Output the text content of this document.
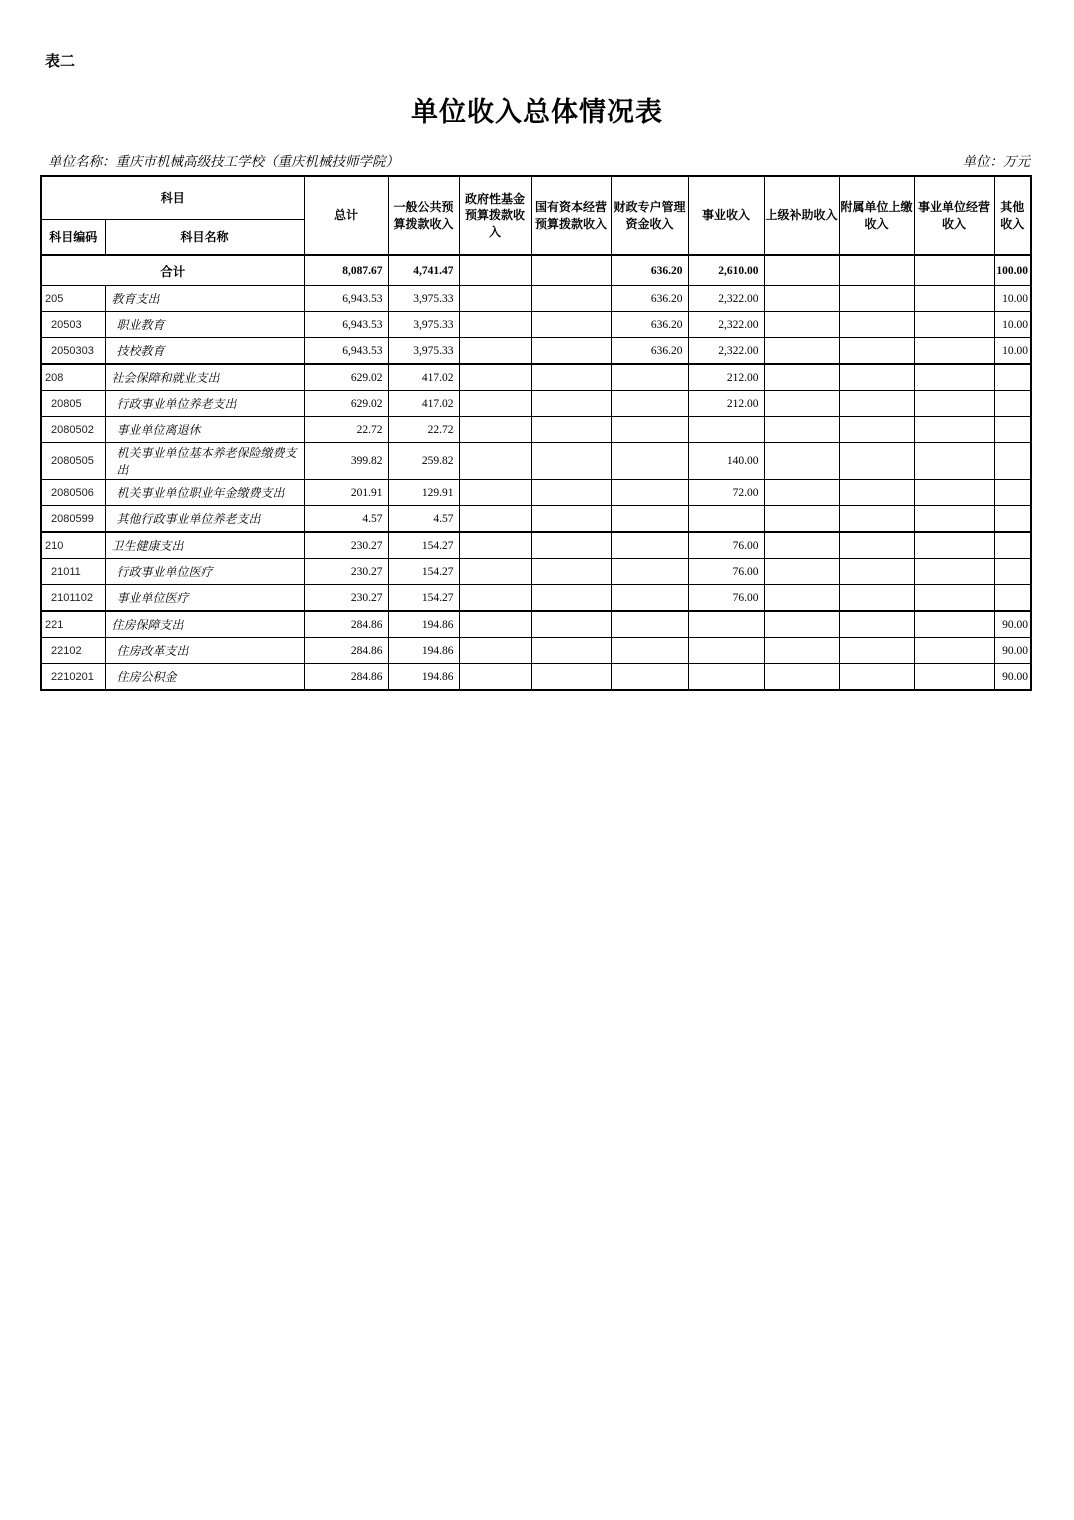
表二
单位收入总体情况表
单位名称：重庆市机械高级技工学校（重庆机械技师学院）	单位：万元
科目		总计	一般公共预算拨款收入	政府性基金预算拨款收入	国有资本经营预算拨款收入	财政专户管理资金收入	事业收入	上级补助收入	附属单位上缴收入	事业单位经营收入	其他收入
科目编码	科目名称										
合计		8,087.67	4,741.47			636.20	2,610.00				100.00
205	教育支出	6,943.53	3,975.33			636.20	2,322.00				10.00
20503	职业教育	6,943.53	3,975.33			636.20	2,322.00				10.00
2050303	技校教育	6,943.53	3,975.33			636.20	2,322.00				10.00
208	社会保障和就业支出	629.02	417.02				212.00				
20805	行政事业单位养老支出	629.02	417.02				212.00				
2080502	事业单位离退休	22.72	22.72								
2080505	机关事业单位基本养老保险缴费支出	399.82	259.82				140.00				
2080506	机关事业单位职业年金缴费支出	201.91	129.91				72.00				
2080599	其他行政事业单位养老支出	4.57	4.57								
210	卫生健康支出	230.27	154.27				76.00				
21011	行政事业单位医疗	230.27	154.27				76.00				
2101102	事业单位医疗	230.27	154.27				76.00				
221	住房保障支出	284.86	194.86								90.00
22102	住房改革支出	284.86	194.86								90.00
2210201	住房公积金	284.86	194.86								90.00
